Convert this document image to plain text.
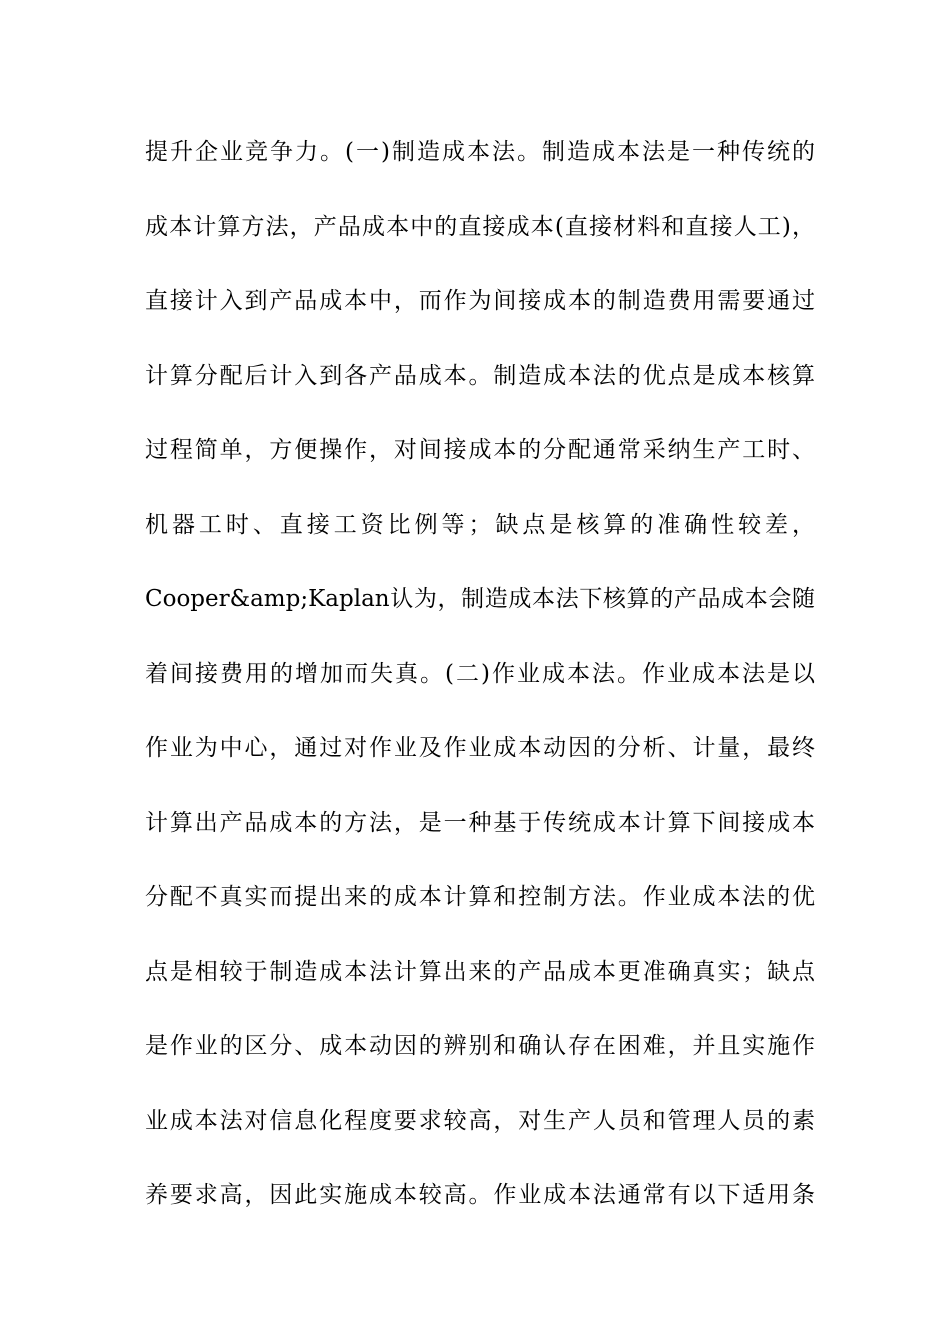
提升企业竞争力。(一)制造成本法。制造成本法是一种传统的
成本计算方法，产品成本中的直接成本(直接材料和直接人工)，
直接计入到产品成本中，而作为间接成本的制造费用需要通过
计算分配后计入到各产品成本。制造成本法的优点是成本核算
过程简单，方便操作，对间接成本的分配通常采纳生产工时、
机器工时、直接工资比例等；缺点是核算的准确性较差，
Cooper&amp;Kaplan认为，制造成本法下核算的产品成本会随
着间接费用的增加而失真。(二)作业成本法。作业成本法是以
作业为中心，通过对作业及作业成本动因的分析、计量，最终
计算出产品成本的方法，是一种基于传统成本计算下间接成本
分配不真实而提出来的成本计算和控制方法。作业成本法的优
点是相较于制造成本法计算出来的产品成本更准确真实；缺点
是作业的区分、成本动因的辨别和确认存在困难，并且实施作
业成本法对信息化程度要求较高，对生产人员和管理人员的素
养要求高，因此实施成本较高。作业成本法通常有以下适用条
